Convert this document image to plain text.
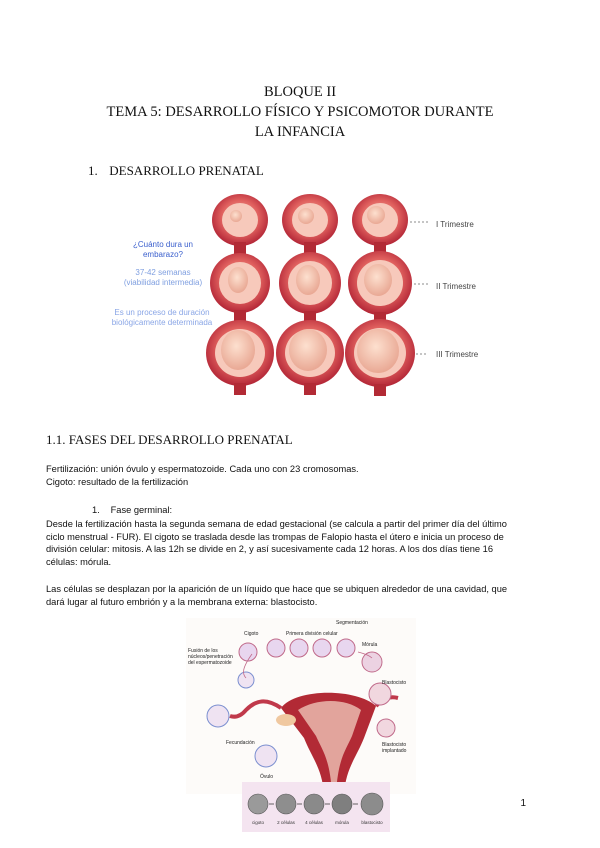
BLOQUE II
TEMA 5: DESARROLLO FÍSICO Y PSICOMOTOR DURANTE
LA INFANCIA
1. DESARROLLO PRENATAL
¿Cuánto dura un embarazo?
37-42 semanas (viabilidad intermedia)
Es un proceso de duración biológicamente determinada
I Trimestre
II Trimestre
III Trimestre
1.1. FASES DEL DESARROLLO PRENATAL
Fertilización: unión óvulo y espermatozoide. Cada uno con 23 cromosomas.
Cigoto: resultado de la fertilización
1. Fase germinal:
Desde la fertilización hasta la segunda semana de edad gestacional (se calcula a partir del primer día del último
ciclo menstrual - FUR). El cigoto se traslada desde las trompas de Falopio hasta el útero e inicia un proceso de
división celular: mitosis. A las 12h se divide en 2, y así sucesivamente cada 12 horas. A los dos días tiene 16
células: mórula.
Las células se desplazan por la aparición de un líquido que hace que se ubiquen alrededor de una cavidad, que
dará lugar al futuro embrión y a la membrana externa: blastocisto.
Segmentación
Cigoto	Primera división celular
Mórula
Fusión de los núcleos/penetración del espermatozoide
Blastocisto
Blastocisto implantado
Fecundación
Óvulo
cigoto	2 células	4 células	mórula	blastocisto
1
